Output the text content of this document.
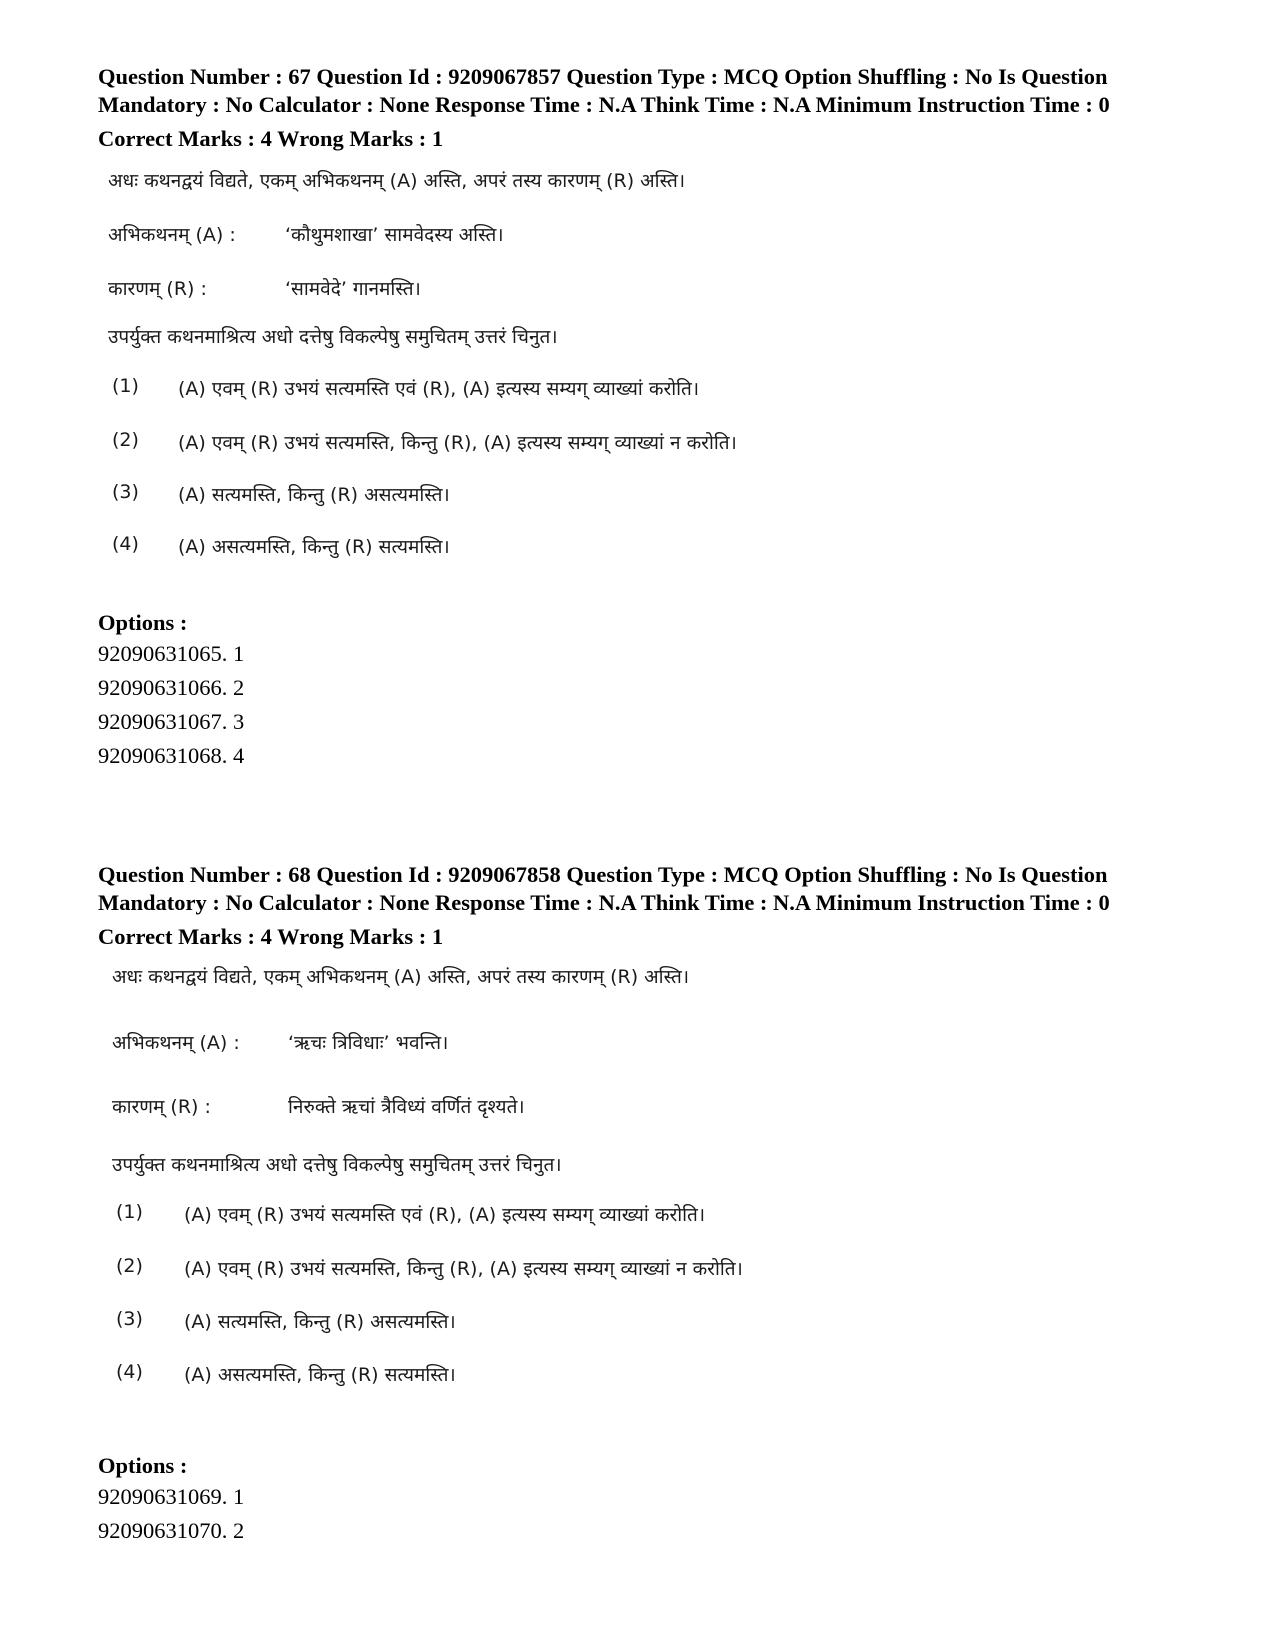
Question Number : 67 Question Id : 9209067857 Question Type : MCQ Option Shuffling : No Is Question Mandatory : No Calculator : None Response Time : N.A Think Time : N.A Minimum Instruction Time : 0

Correct Marks : 4 Wrong Marks : 1
अधः कथनद्वयं विद्यते, एकम् अभिकथनम् (A) अस्ति, अपरं तस्य कारणम् (R) अस्ति।
अभिकथनम् (A) :	‘कौथुमशाखा’ सामवेदस्य अस्ति।
कारणम् (R) :	‘सामवेदे’ गानमस्ति।
उपर्युक्त कथनमाश्रित्य अधो दत्तेषु विकल्पेषु समुचितम् उत्तरं चिनुत।
(1) (A) एवम् (R) उभयं सत्यमस्ति एवं (R), (A) इत्यस्य सम्यग् व्याख्यां करोति।
(2) (A) एवम् (R) उभयं सत्यमस्ति, किन्तु (R), (A) इत्यस्य सम्यग् व्याख्यां न करोति।
(3) (A) सत्यमस्ति, किन्तु (R) असत्यमस्ति।
(4) (A) असत्यमस्ति, किन्तु (R) सत्यमस्ति।
Options :
92090631065. 1
92090631066. 2
92090631067. 3
92090631068. 4

Question Number : 68 Question Id : 9209067858 Question Type : MCQ Option Shuffling : No Is Question Mandatory : No Calculator : None Response Time : N.A Think Time : N.A Minimum Instruction Time : 0

Correct Marks : 4 Wrong Marks : 1
अधः कथनद्वयं विद्यते, एकम् अभिकथनम् (A) अस्ति, अपरं तस्य कारणम् (R) अस्ति।
अभिकथनम् (A) :	‘ऋचः त्रिविधाः’ भवन्ति।
कारणम् (R) :	निरुक्ते ऋचां त्रैविध्यं वर्णितं दृश्यते।
उपर्युक्त कथनमाश्रित्य अधो दत्तेषु विकल्पेषु समुचितम् उत्तरं चिनुत।
(1) (A) एवम् (R) उभयं सत्यमस्ति एवं (R), (A) इत्यस्य सम्यग् व्याख्यां करोति।
(2) (A) एवम् (R) उभयं सत्यमस्ति, किन्तु (R), (A) इत्यस्य सम्यग् व्याख्यां न करोति।
(3) (A) सत्यमस्ति, किन्तु (R) असत्यमस्ति।
(4) (A) असत्यमस्ति, किन्तु (R) सत्यमस्ति।
Options :
92090631069. 1
92090631070. 2
